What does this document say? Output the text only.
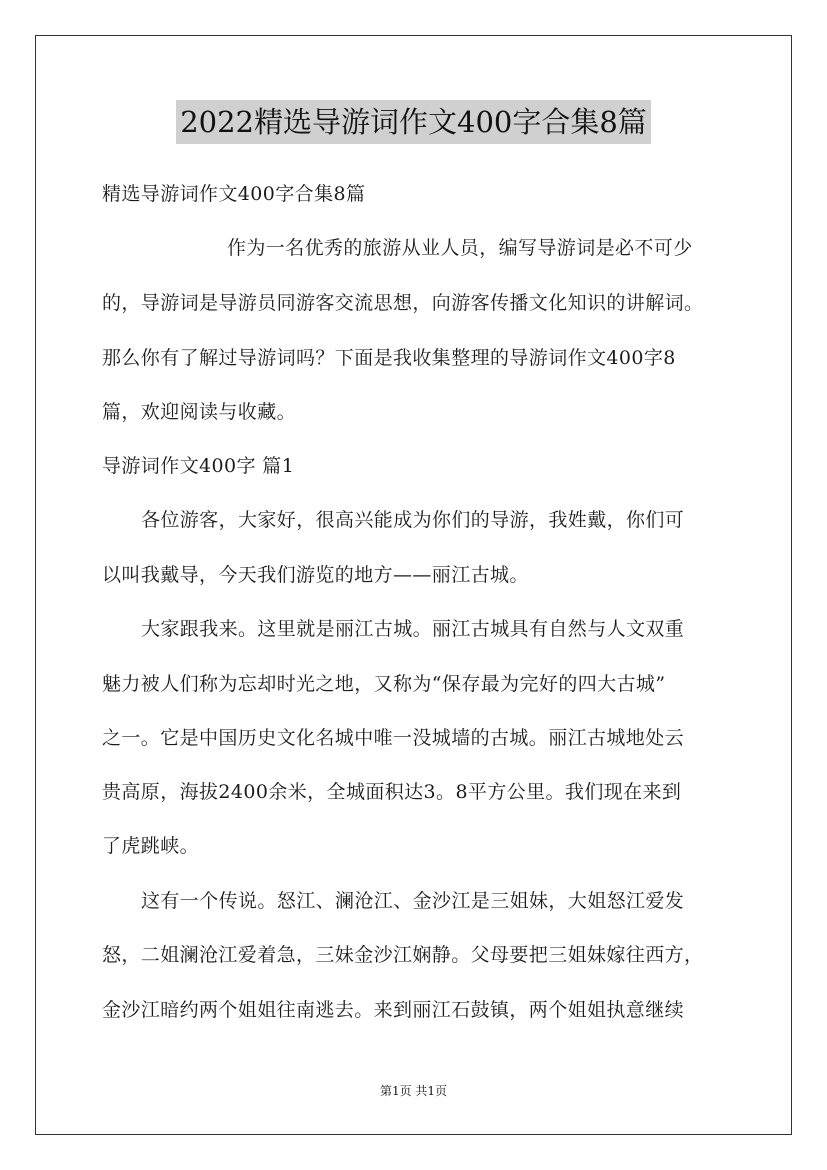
2022精选导游词作文400字合集8篇
精选导游词作文400字合集8篇
作为一名优秀的旅游从业人员，编写导游词是必不可少
的，导游词是导游员同游客交流思想，向游客传播文化知识的讲解词。
那么你有了解过导游词吗？下面是我收集整理的导游词作文400字8
篇，欢迎阅读与收藏。
导游词作文400字 篇1
各位游客，大家好，很高兴能成为你们的导游，我姓戴，你们可
以叫我戴导，今天我们游览的地方——丽江古城。
大家跟我来。这里就是丽江古城。丽江古城具有自然与人文双重
魅力被人们称为忘却时光之地，又称为“保存最为完好的四大古城”
之一。它是中国历史文化名城中唯一没城墙的古城。丽江古城地处云
贵高原，海拔2400余米，全城面积达3。8平方公里。我们现在来到
了虎跳峡。
这有一个传说。怒江、澜沧江、金沙江是三姐妹，大姐怒江爱发
怒，二姐澜沧江爱着急，三妹金沙江娴静。父母要把三姐妹嫁往西方，
金沙江暗约两个姐姐往南逃去。来到丽江石鼓镇，两个姐姐执意继续
第1页 共1页
